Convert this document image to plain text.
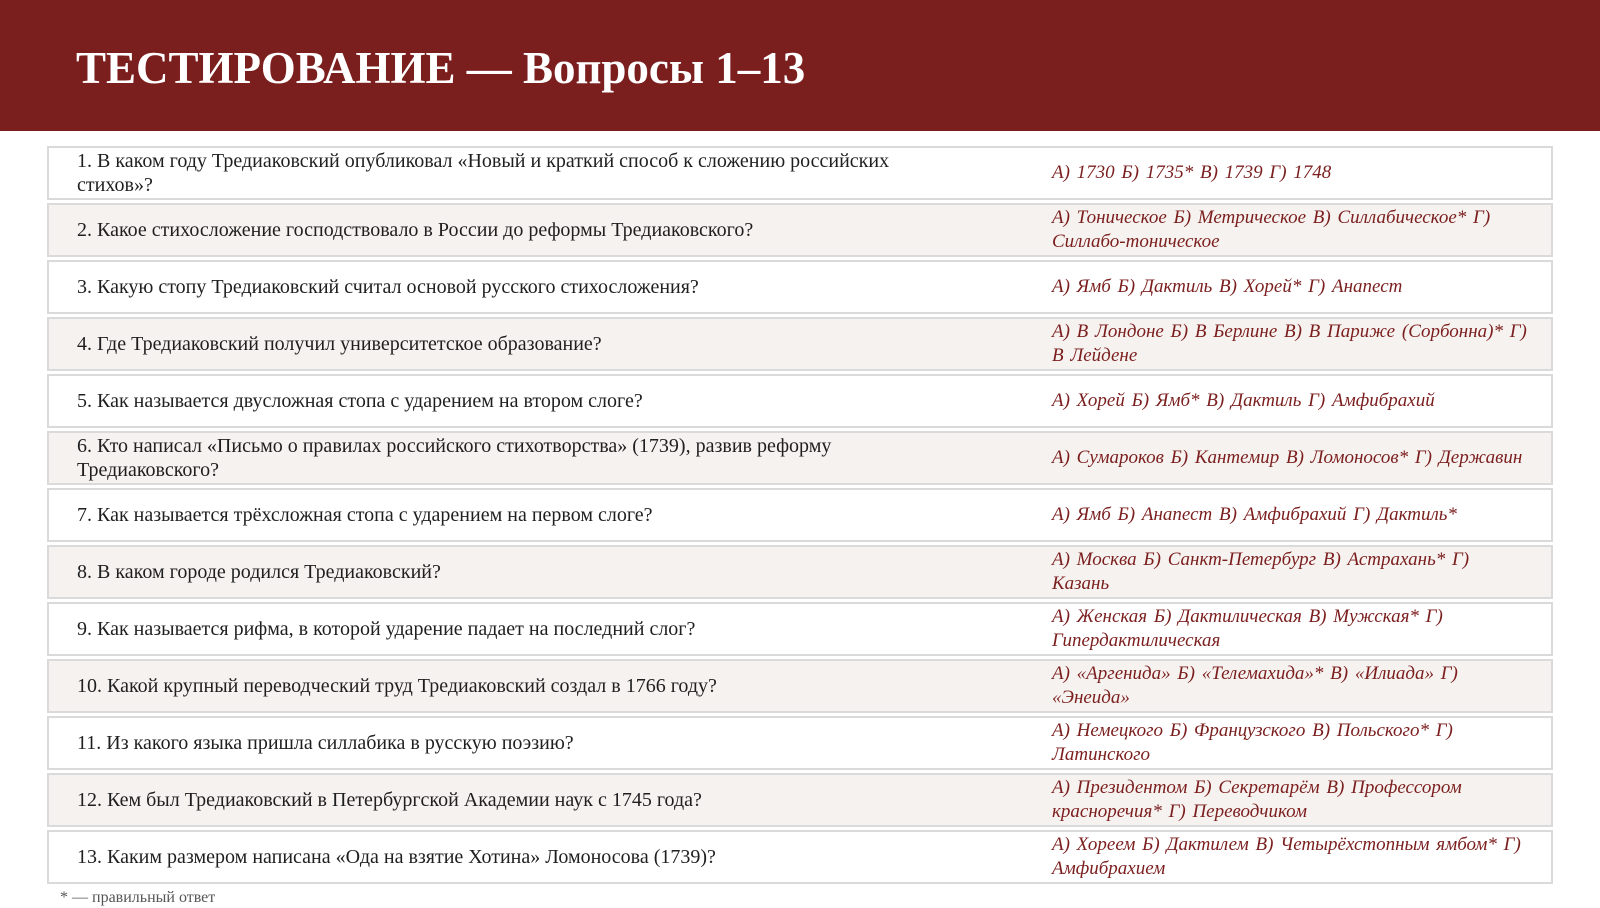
ТЕСТИРОВАНИЕ — Вопросы 1–13
1. В каком году Тредиаковский опубликовал «Новый и краткий способ к сложению российских стихов»?
А) 1730 Б) 1735* В) 1739 Г) 1748
2. Какое стихосложение господствовало в России до реформы Тредиаковского?
А) Тоническое Б) Метрическое В) Силлабическое* Г) Силлабо-тоническое
3. Какую стопу Тредиаковский считал основой русского стихосложения?	А) Ямб Б) Дактиль В) Хорей* Г) Анапест
4. Где Тредиаковский получил университетское образование?
А) В Лондоне Б) В Берлине В) В Париже (Сорбонна)* Г) В Лейдене
5. Как называется двусложная стопа с ударением на втором слоге?	А) Хорей Б) Ямб* В) Дактиль Г) Амфибрахий
6. Кто написал «Письмо о правилах российского стихотворства» (1739), развив реформу Тредиаковского?
А) Сумароков Б) Кантемир В) Ломоносов* Г) Державин
7. Как называется трёхсложная стопа с ударением на первом слоге?	А) Ямб Б) Анапест В) Амфибрахий Г) Дактиль*
8. В каком городе родился Тредиаковский?
А) Москва Б) Санкт-Петербург В) Астрахань* Г) Казань
9. Как называется рифма, в которой ударение падает на последний слог?
А) Женская Б) Дактилическая В) Мужская* Г) Гипердактилическая
10. Какой крупный переводческий труд Тредиаковский создал в 1766 году?
А) «Аргенида» Б) «Телемахида»* В) «Илиада» Г) «Энеида»
11. Из какого языка пришла силлабика в русскую поэзию?
А) Немецкого Б) Французского В) Польского* Г) Латинского
12. Кем был Тредиаковский в Петербургской Академии наук с 1745 года?
А) Президентом Б) Секретарём В) Профессором красноречия* Г) Переводчиком
13. Каким размером написана «Ода на взятие Хотина» Ломоносова (1739)?
А) Хореем Б) Дактилем В) Четырёхстопным ямбом* Г) Амфибрахием
* — правильный ответ
